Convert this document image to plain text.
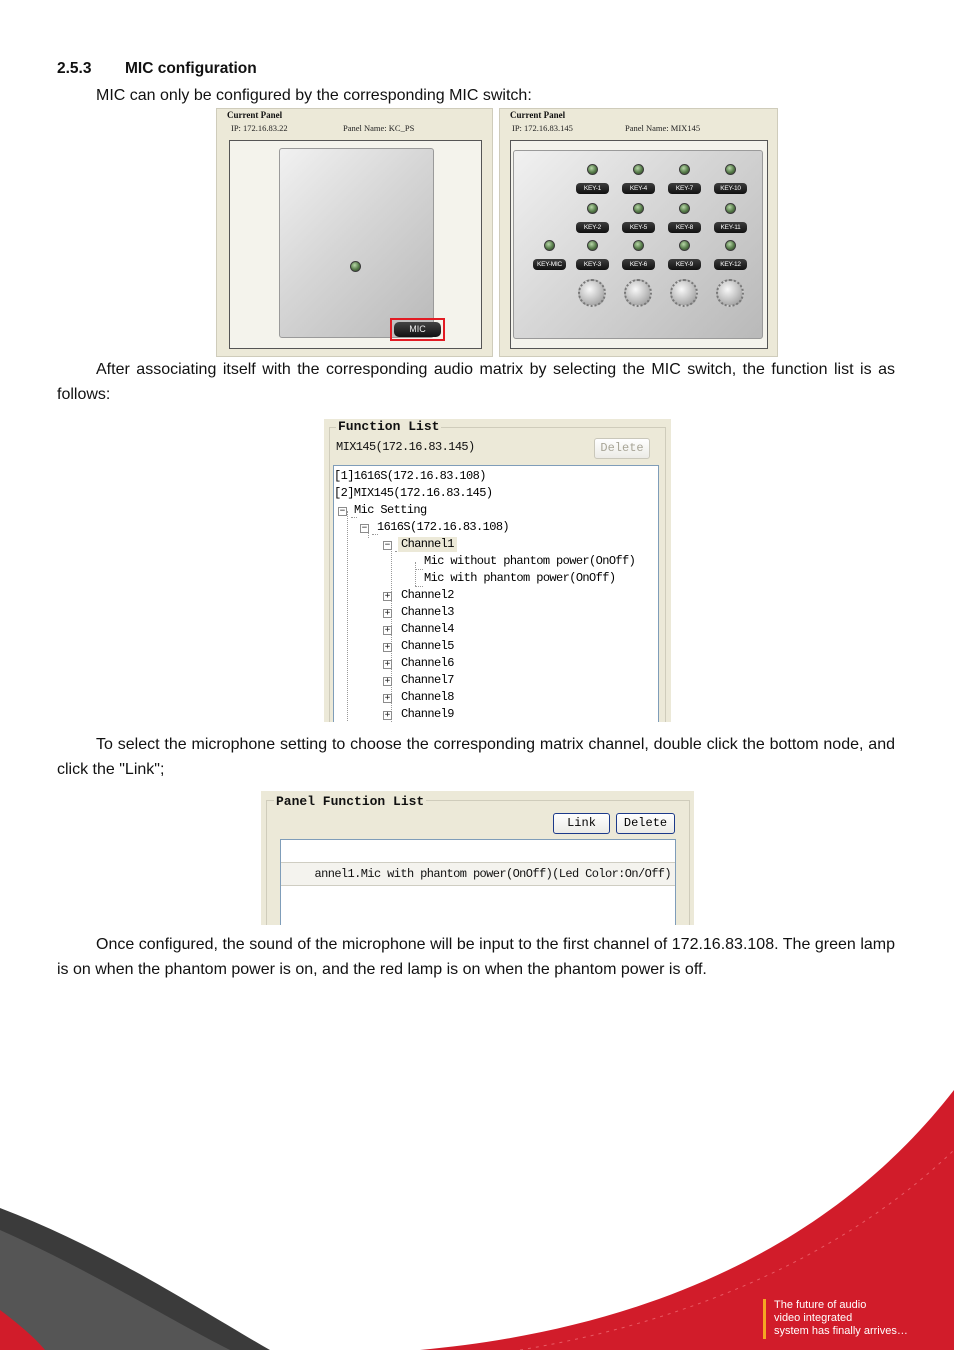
2.5.3 MIC configuration

MIC can only be configured by the corresponding MIC switch:

Current Panel
IP: 172.16.83.22	Panel Name: KC_PS
MIC
Current Panel
IP: 172.16.83.145	Panel Name: MIX145
KEY-1	KEY-4	KEY-7	KEY-10
KEY-2	KEY-5	KEY-8	KEY-11
KEY-MIC	KEY-3	KEY-6	KEY-9	KEY-12

After associating itself with the corresponding audio matrix by selecting the MIC switch, the function list is as follows:

Function List
MIX145(172.16.83.145)	Delete
[1]1616S(172.16.83.108)
[2]MIX145(172.16.83.145)
− Mic Setting
− 1616S(172.16.83.108)
− Channel1
Mic without phantom power(OnOff)
Mic with phantom power(OnOff)
+ Channel2
+ Channel3
+ Channel4
+ Channel5
+ Channel6
+ Channel7
+ Channel8
+ Channel9

To select the microphone setting to choose the corresponding matrix channel, double click the bottom node, and click the "Link";

Panel Function List
Link	Delete
annel1.Mic with phantom power(OnOff)(Led Color:On/Off)

Once configured, the sound of the microphone will be input to the first channel of 172.16.83.108. The green lamp is on when the phantom power is on, and the red lamp is on when the phantom power is off.

The future of audio
video integrated
system has finally arrives…
